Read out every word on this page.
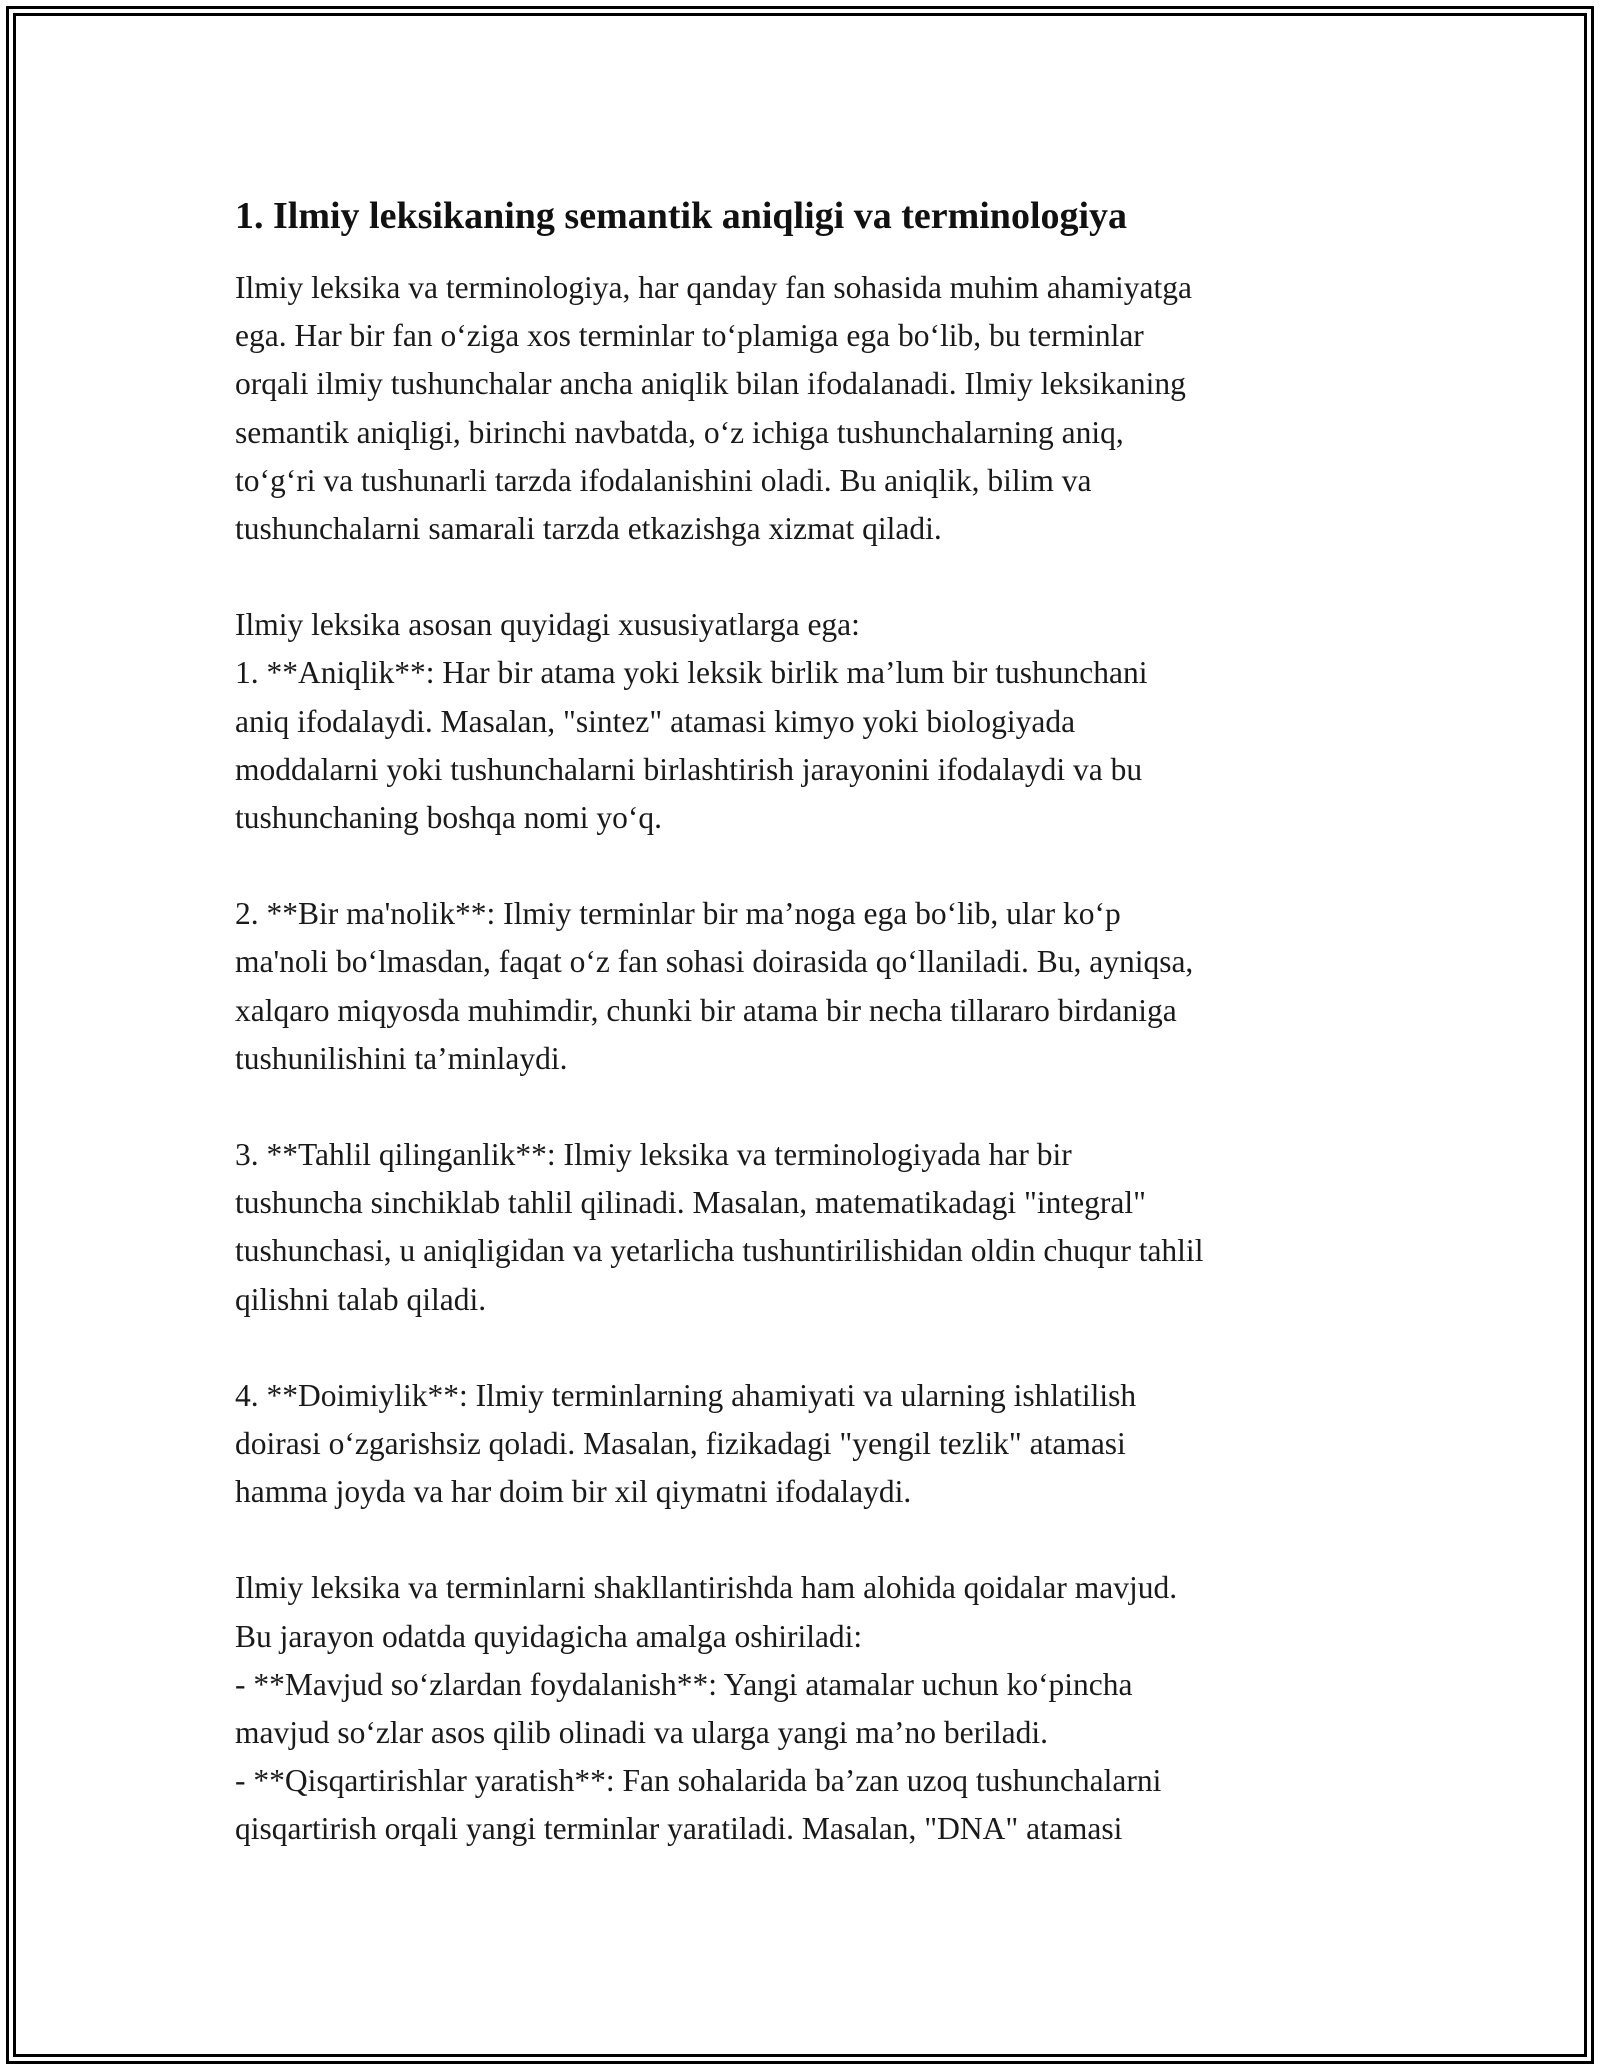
1. Ilmiy leksikaning semantik aniqligi va terminologiya
Ilmiy leksika va terminologiya, har qanday fan sohasida muhim ahamiyatga
ega. Har bir fan o‘ziga xos terminlar to‘plamiga ega bo‘lib, bu terminlar
orqali ilmiy tushunchalar ancha aniqlik bilan ifodalanadi. Ilmiy leksikaning
semantik aniqligi, birinchi navbatda, o‘z ichiga tushunchalarning aniq,
to‘g‘ri va tushunarli tarzda ifodalanishini oladi. Bu aniqlik, bilim va
tushunchalarni samarali tarzda etkazishga xizmat qiladi.
Ilmiy leksika asosan quyidagi xususiyatlarga ega:
1. **Aniqlik**: Har bir atama yoki leksik birlik ma’lum bir tushunchani
aniq ifodalaydi. Masalan, "sintez" atamasi kimyo yoki biologiyada
moddalarni yoki tushunchalarni birlashtirish jarayonini ifodalaydi va bu
tushunchaning boshqa nomi yo‘q.
2. **Bir ma'nolik**: Ilmiy terminlar bir ma’noga ega bo‘lib, ular ko‘p
ma'noli bo‘lmasdan, faqat o‘z fan sohasi doirasida qo‘llaniladi. Bu, ayniqsa,
xalqaro miqyosda muhimdir, chunki bir atama bir necha tillararo birdaniga
tushunilishini ta’minlaydi.
3. **Tahlil qilinganlik**: Ilmiy leksika va terminologiyada har bir
tushuncha sinchiklab tahlil qilinadi. Masalan, matematikadagi "integral"
tushunchasi, u aniqligidan va yetarlicha tushuntirilishidan oldin chuqur tahlil
qilishni talab qiladi.
4. **Doimiylik**: Ilmiy terminlarning ahamiyati va ularning ishlatilish
doirasi o‘zgarishsiz qoladi. Masalan, fizikadagi "yengil tezlik" atamasi
hamma joyda va har doim bir xil qiymatni ifodalaydi.
Ilmiy leksika va terminlarni shakllantirishda ham alohida qoidalar mavjud.
Bu jarayon odatda quyidagicha amalga oshiriladi:
- **Mavjud so‘zlardan foydalanish**: Yangi atamalar uchun ko‘pincha
mavjud so‘zlar asos qilib olinadi va ularga yangi ma’no beriladi.
- **Qisqartirishlar yaratish**: Fan sohalarida ba’zan uzoq tushunchalarni
qisqartirish orqali yangi terminlar yaratiladi. Masalan, "DNA" atamasi
